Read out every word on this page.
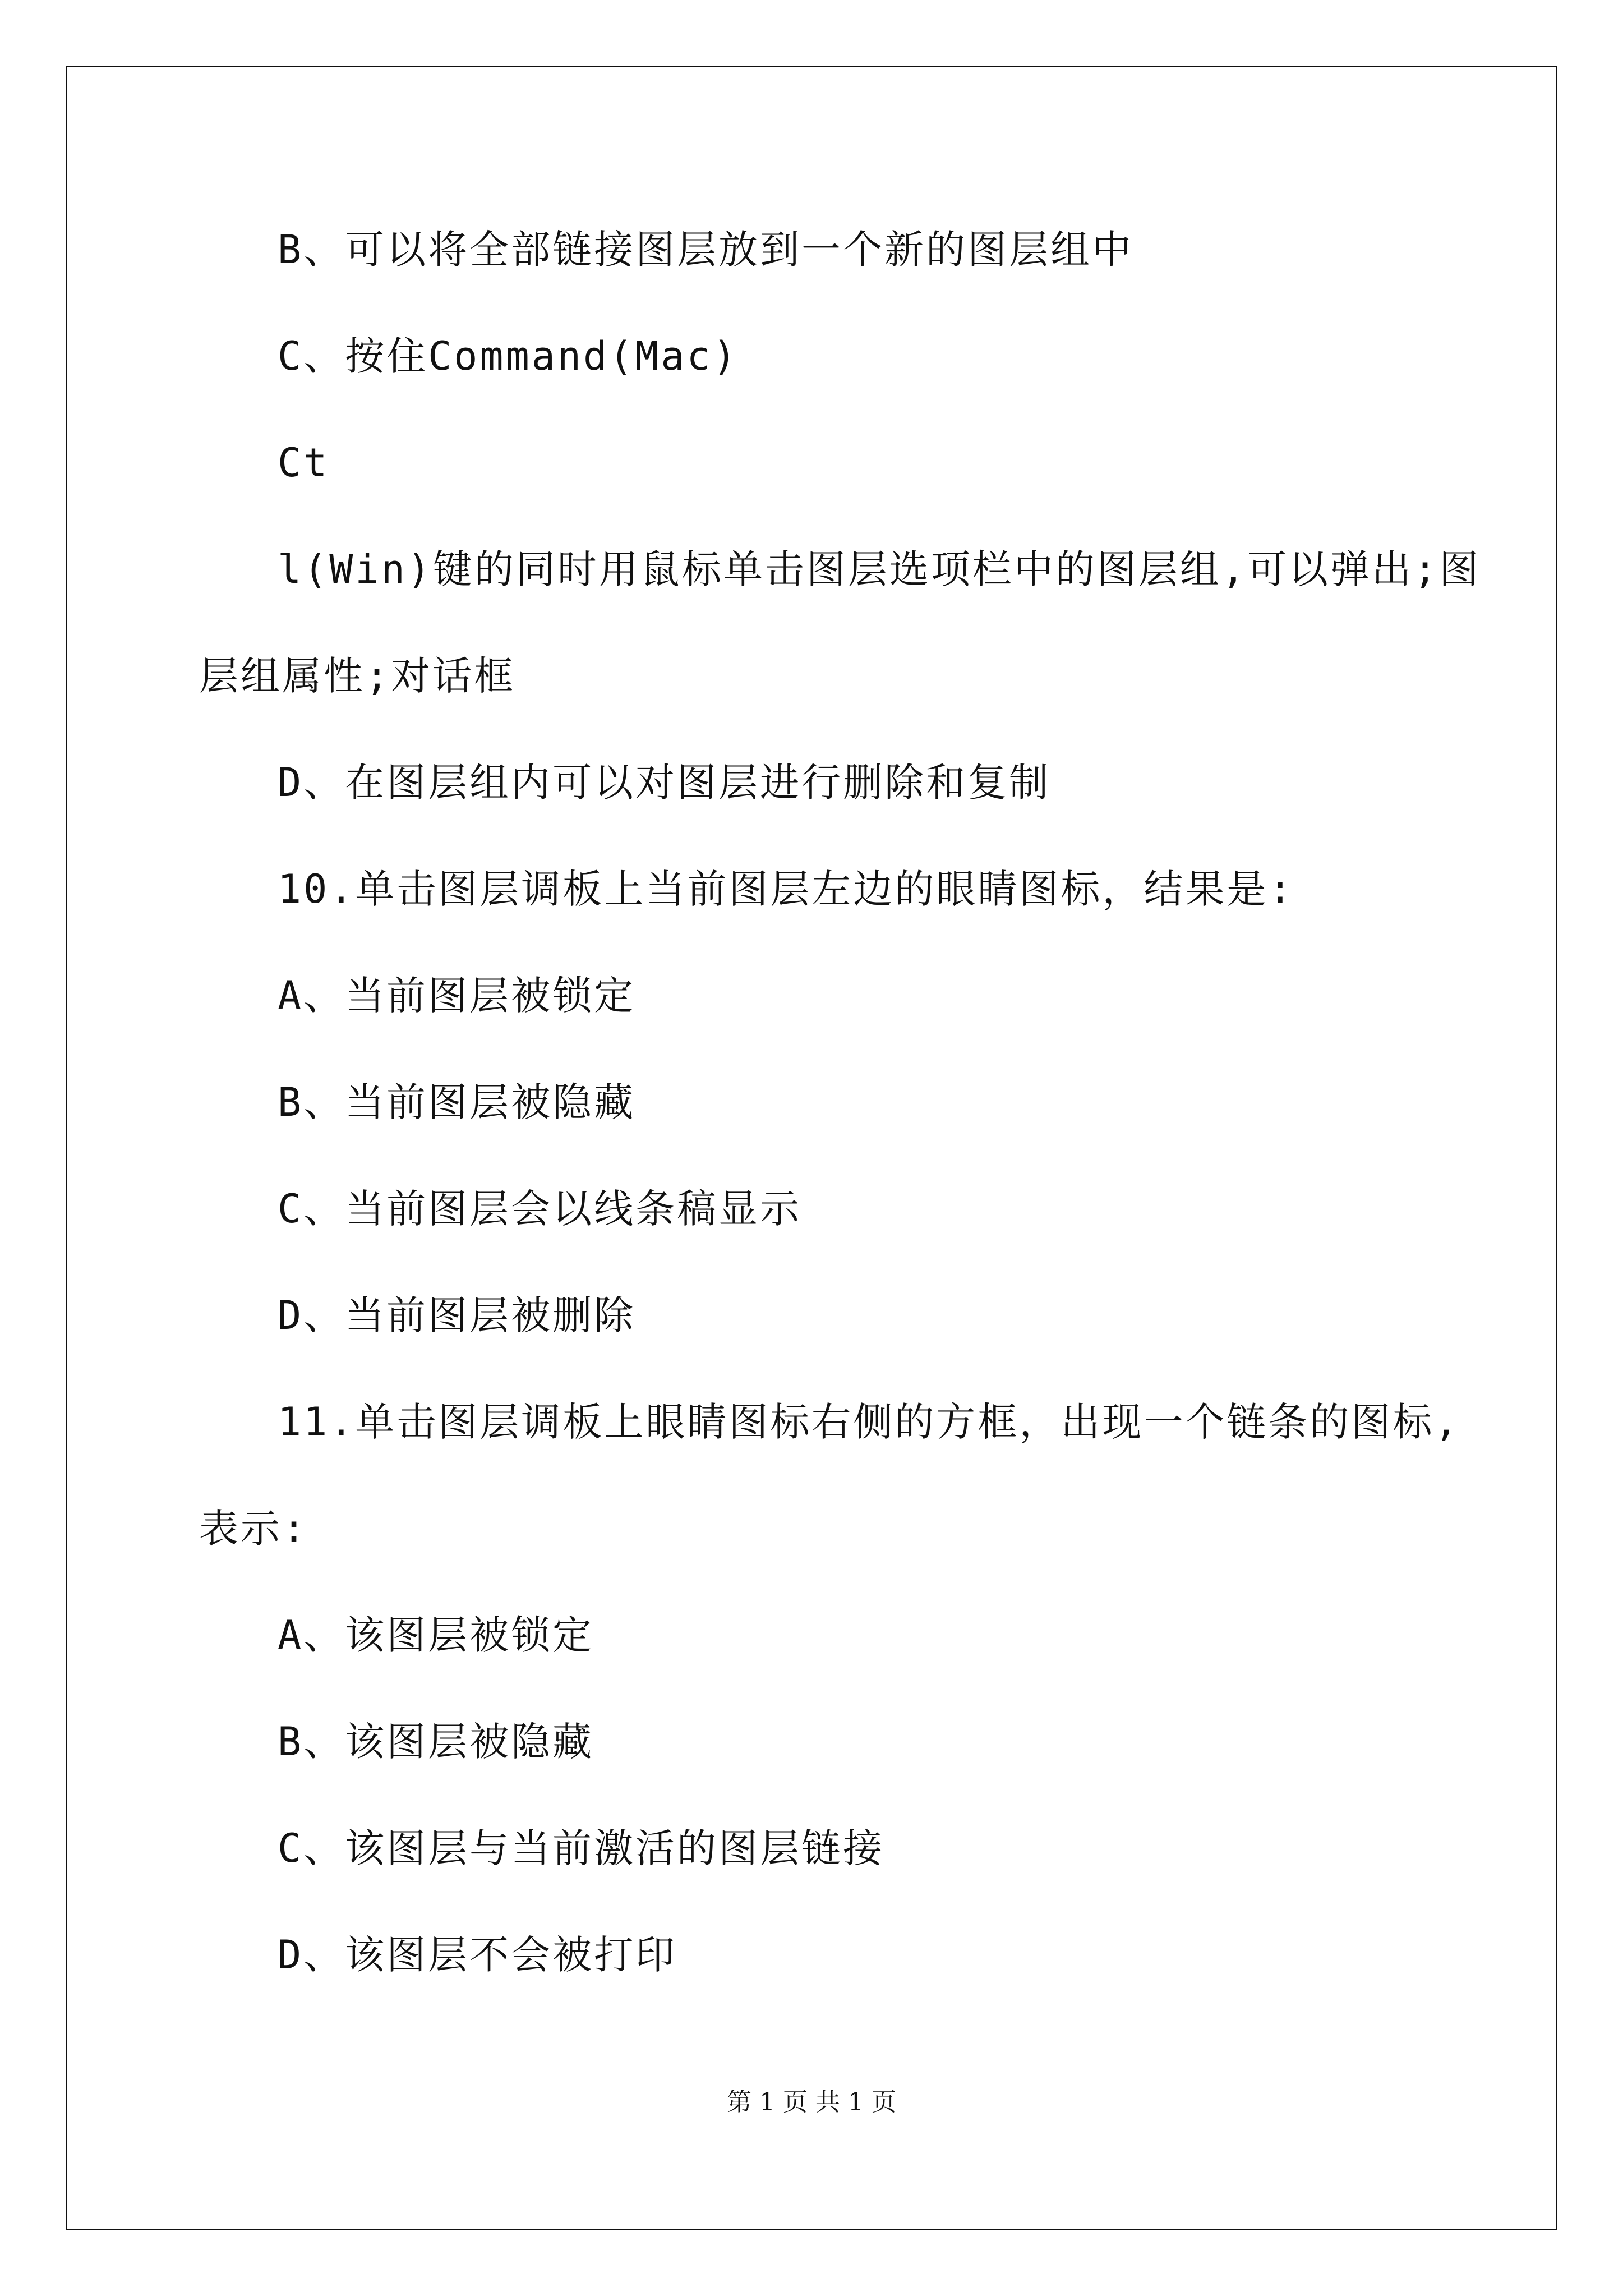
B、可以将全部链接图层放到一个新的图层组中
C、按住Command(Mac)
Ct
l(Win)键的同时用鼠标单击图层选项栏中的图层组,可以弹出;图
层组属性;对话框
D、在图层组内可以对图层进行删除和复制
10.单击图层调板上当前图层左边的眼睛图标，结果是:
A、当前图层被锁定
B、当前图层被隐藏
C、当前图层会以线条稿显示
D、当前图层被删除
11.单击图层调板上眼睛图标右侧的方框，出现一个链条的图标,
表示:
A、该图层被锁定
B、该图层被隐藏
C、该图层与当前激活的图层链接
D、该图层不会被打印
第 1 页 共 1 页
